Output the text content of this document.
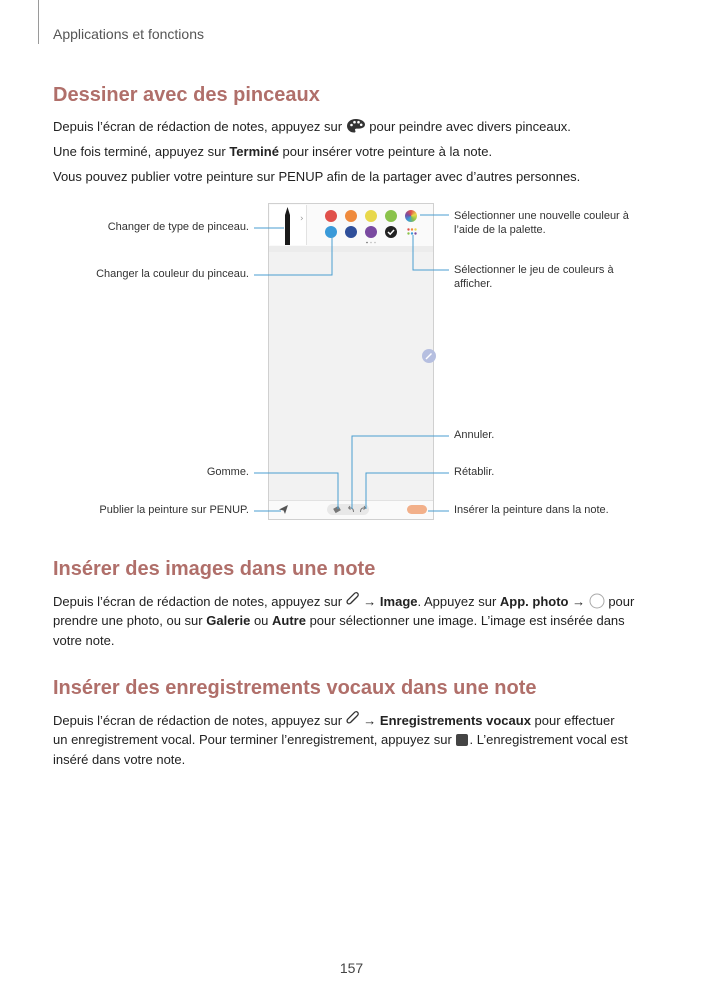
Applications et fonctions
Dessiner avec des pinceaux
Depuis l’écran de rédaction de notes, appuyez sur  pour peindre avec divers pinceaux.
Une fois terminé, appuyez sur Terminé pour insérer votre peinture à la note.
Vous pouvez publier votre peinture sur PENUP afin de la partager avec d’autres personnes.
›
Changer de type de pinceau.
Changer la couleur du pinceau.
Sélectionner une nouvelle couleur à l’aide de la palette.
Sélectionner le jeu de couleurs à afficher.
Annuler.
Gomme.	Rétablir.
Publier la peinture sur PENUP.	Insérer la peinture dans la note.
Insérer des images dans une note
Depuis l’écran de rédaction de notes, appuyez sur  → Image. Appuyez sur App. photo →  pour
prendre une photo, ou sur Galerie ou Autre pour sélectionner une image. L’image est insérée dans
votre note.
Insérer des enregistrements vocaux dans une note
Depuis l’écran de rédaction de notes, appuyez sur  → Enregistrements vocaux pour effectuer
un enregistrement vocal. Pour terminer l’enregistrement, appuyez sur . L’enregistrement vocal est
inséré dans votre note.
157
